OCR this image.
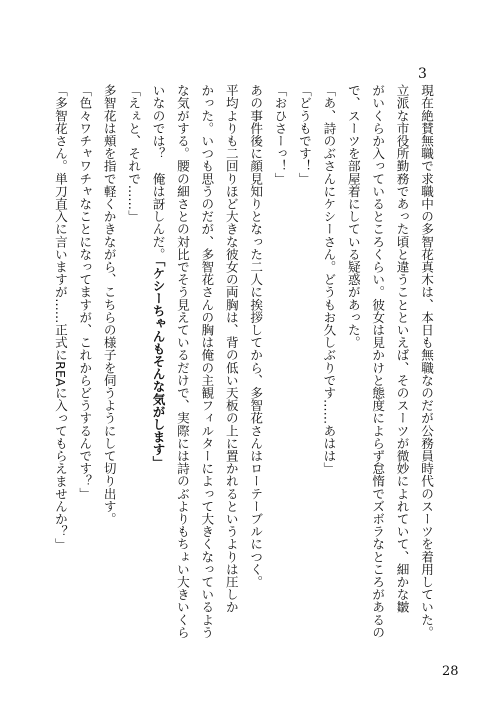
3
現在絶賛無職で求職中の多智花真木は、本日も無職なのだが公務員時代のスーツを着用していた。
立派な市役所勤務であった頃と違うことといえば、そのスーツが微妙によれていて、細かな皺
がいくらか入っているところくらい。彼女は見かけと態度によらず怠惰でズボラなところがあるの
で、スーツを部屋着にしている疑惑があった。
「あ、詩のぶさんにケシーさん。どうもお久しぶりです……あはは」
「どうもです！」
「おひさーっ！」
あの事件後に顔見知りとなった二人に挨拶してから、多智花さんはローテーブルにつく。
平均よりも二回りほど大きな彼女の両胸は、背の低い天板の上に置かれるというよりは圧しか
かった。いつも思うのだが、多智花さんの胸は俺の主観フィルターによって大きくなっているよう
な気がする。腰の細さとの対比でそう見えているだけで、実際には詩のぶよりもちょい大きいくら
いなのでは？　俺は訝しんだ。「ケシーちゃんもそんな気がします」
「えぇと、それで……」
多智花は頬を指で軽くかきながら、こちらの様子を伺うようにして切り出す。
「色々ワチャワチャなことになってますが、これからどうするんです？」
「多智花さん。単刀直入に言いますが……正式にREAに入ってもらえませんか？」
28
